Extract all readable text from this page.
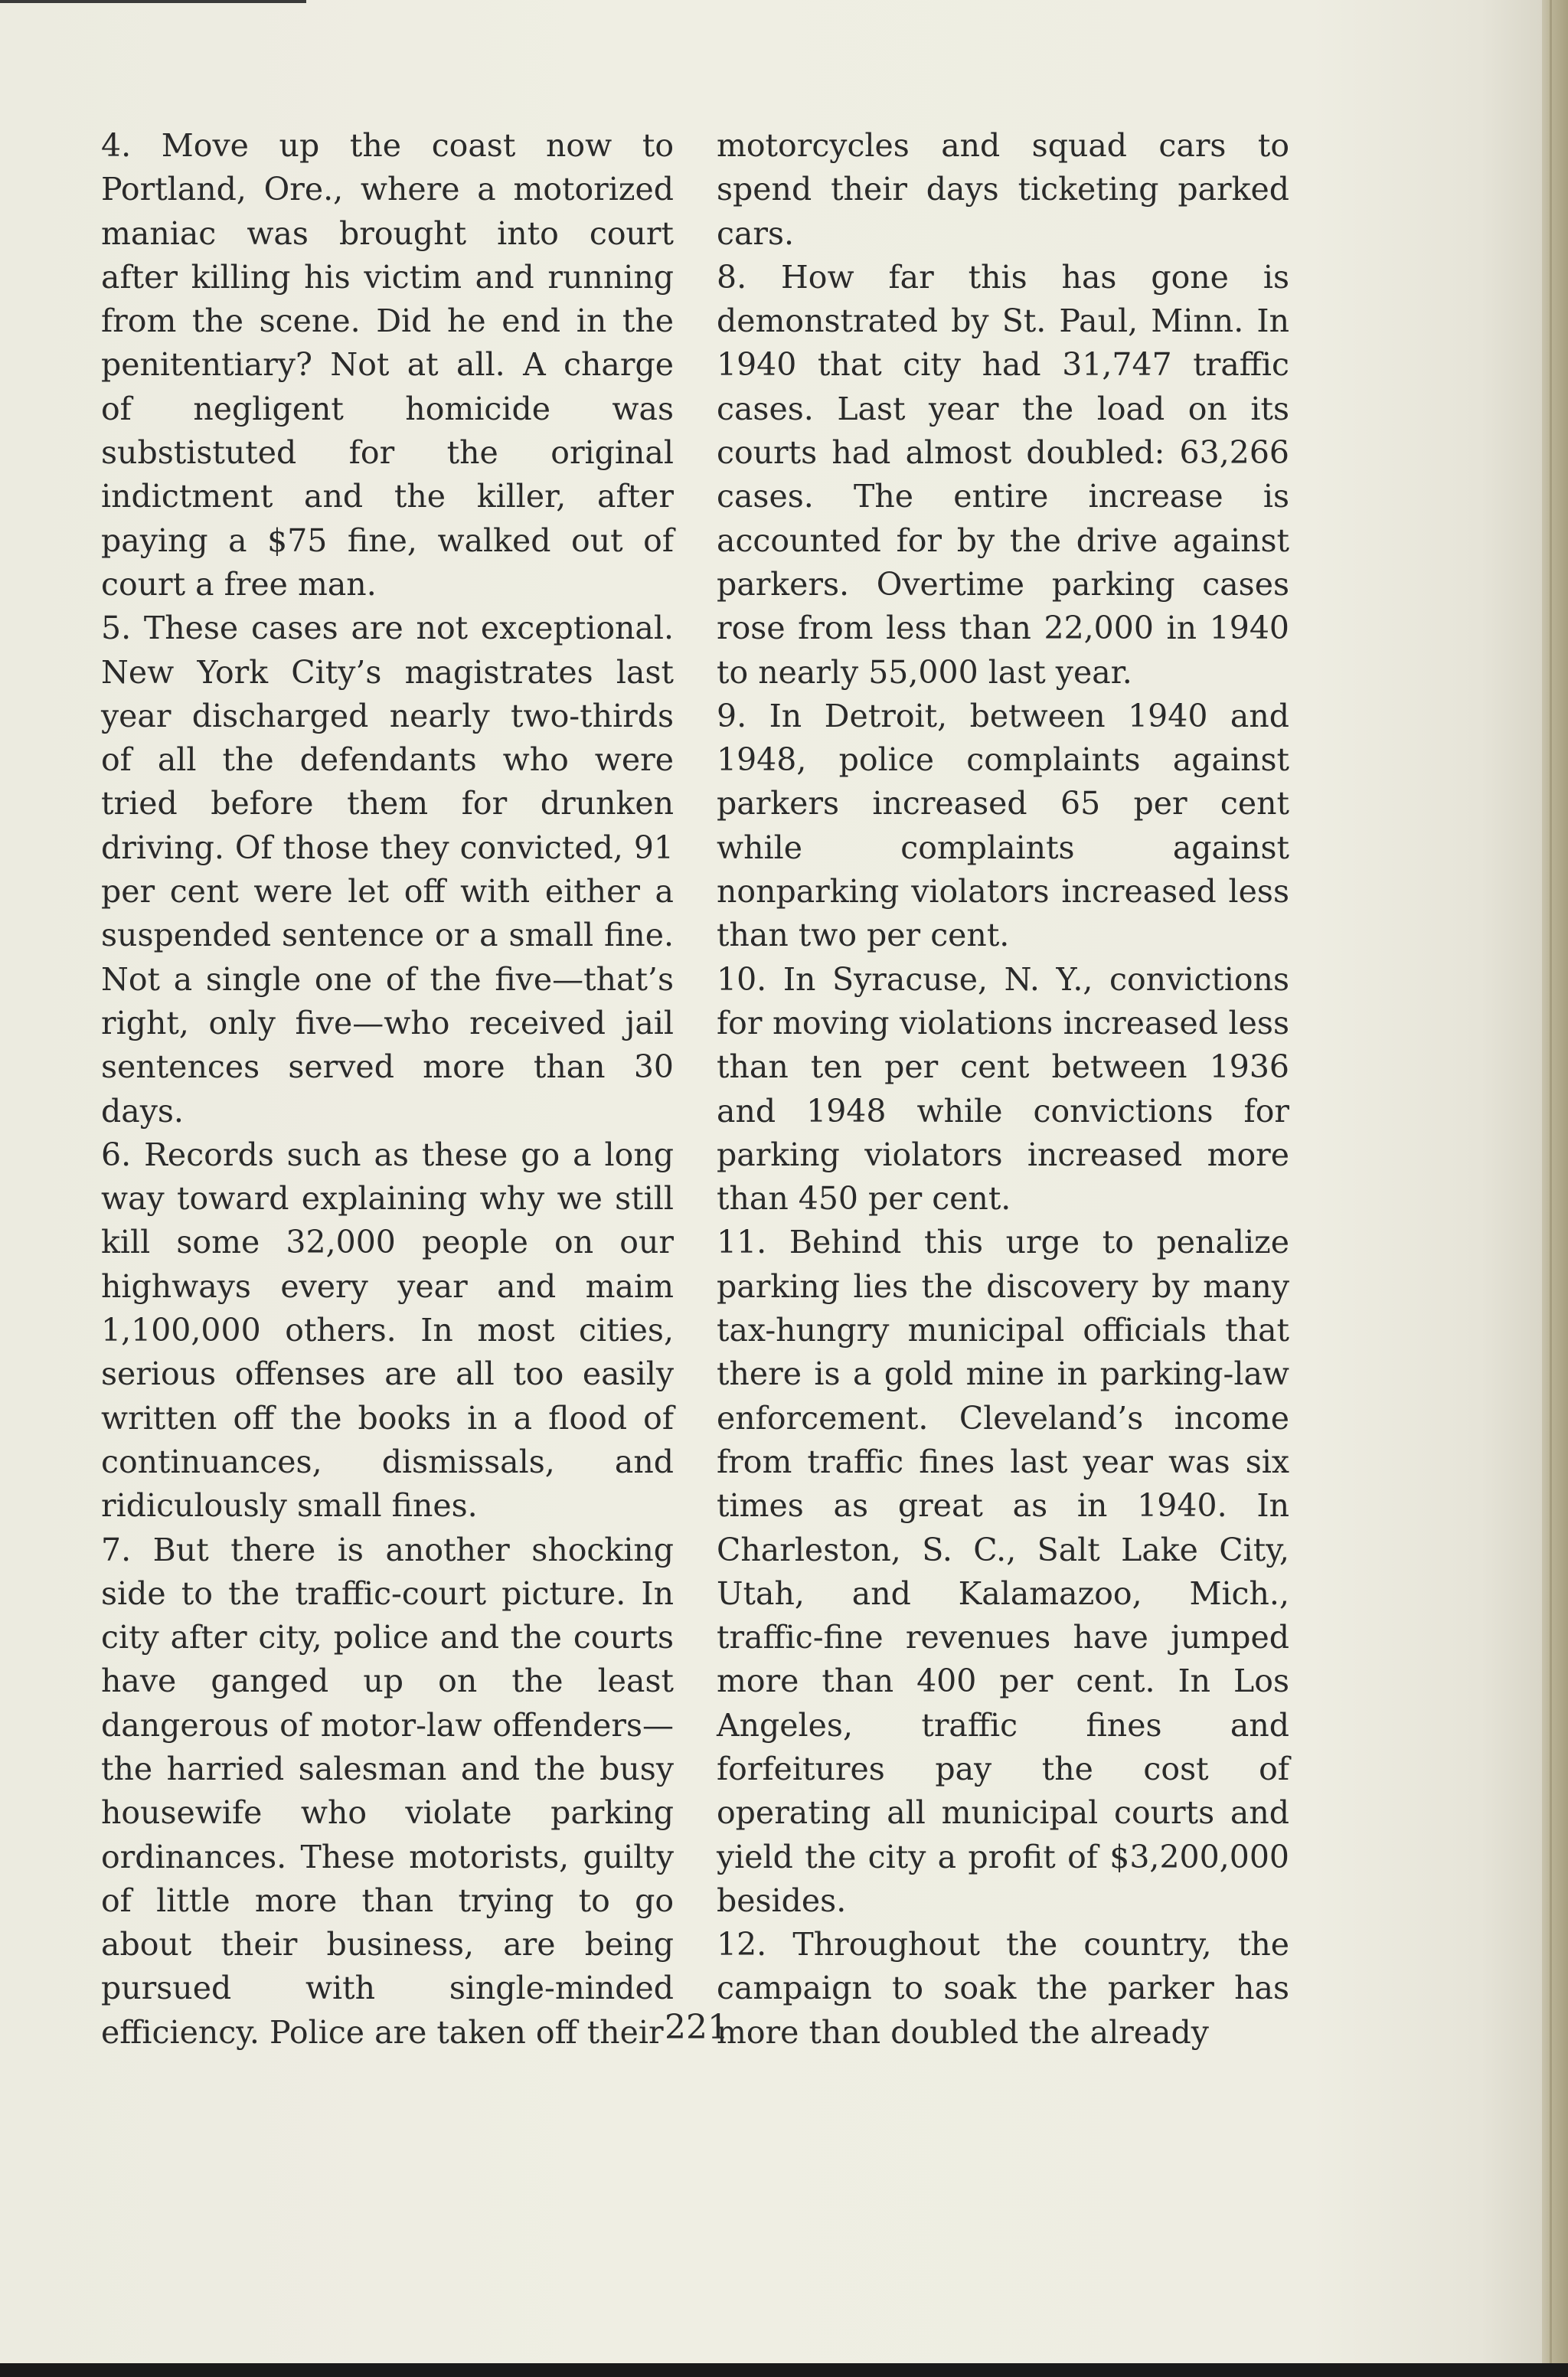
4. Move up the coast now to Portland, Ore., where a motorized maniac was brought into court after killing his victim and running from the scene. Did he end in the penitentiary? Not at all. A charge of negligent homicide was substistuted for the original indictment and the killer, after paying a $75 fine, walked out of court a free man.

5. These cases are not exceptional. New York City’s magistrates last year discharged nearly two-thirds of all the defendants who were tried before them for drunken driving. Of those they convicted, 91 per cent were let off with either a suspended sentence or a small fine. Not a single one of the five—that’s right, only five—who received jail sentences served more than 30 days.

6. Records such as these go a long way toward explaining why we still kill some 32,000 people on our highways every year and maim 1,100,000 others. In most cities, serious offenses are all too easily written off the books in a flood of continuances, dismissals, and ridiculously small fines.

7. But there is another shocking side to the traffic-court picture. In city after city, police and the courts have ganged up on the least dangerous of motor-law offenders—the harried salesman and the busy housewife who violate parking ordinances. These motorists, guilty of little more than trying to go about their business, are being pursued with single-minded efficiency. Police are taken off their

motorcycles and squad cars to spend their days ticketing parked cars.

8. How far this has gone is demonstrated by St. Paul, Minn. In 1940 that city had 31,747 traffic cases. Last year the load on its courts had almost doubled: 63,266 cases. The entire increase is accounted for by the drive against parkers. Overtime parking cases rose from less than 22,000 in 1940 to nearly 55,000 last year.

9. In Detroit, between 1940 and 1948, police complaints against parkers increased 65 per cent while complaints against nonparking violators increased less than two per cent.

10. In Syracuse, N. Y., convictions for moving violations increased less than ten per cent between 1936 and 1948 while convictions for parking violators increased more than 450 per cent.

11. Behind this urge to penalize parking lies the discovery by many tax-hungry municipal officials that there is a gold mine in parking-law enforcement. Cleveland’s income from traffic fines last year was six times as great as in 1940. In Charleston, S. C., Salt Lake City, Utah, and Kalamazoo, Mich., traffic-fine revenues have jumped more than 400 per cent. In Los Angeles, traffic fines and forfeitures pay the cost of operating all municipal courts and yield the city a profit of $3,200,000 besides.

12. Throughout the country, the campaign to soak the parker has more than doubled the already

221
